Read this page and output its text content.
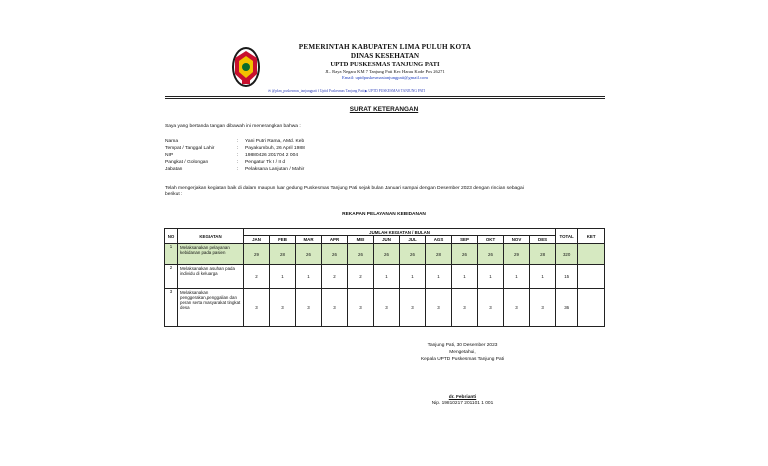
PEMERINTAH KABUPATEN LIMA PULUH KOTA
DINAS KESEHATAN
UPTD PUSKESMAS TANJUNG PATI
JL. Raya Negara KM 7 Tanjung Pati Kec Harau Kode Pos 26271
Email: uptdpuskesmastanjungpati@gmail.com
✉ @pkm_puskesmas_tanjungpati f Upttd Puskesmas Tanjung Pati ▶ UPTD PUSKESMAS TANJUNG PATI
SURAT KETERANGAN
Saya yang bertanda tangan dibawah ini menerangkan bahwa :
Nama	: Yani Putri Rama, AMd. Keb
Tempat / Tanggal Lahir	: Payakumbuh, 26 April 1988
NIP	: 19880426 201704 2 004
Pangkat / Golongan	: Pengatur Tk I / II d
Jabatan	: Pelaksana Lanjutan / Mahir
Telah mengerjakan kegiatan baik di dalam maupun luar gedung Puskesmas Tanjung Pati sejak bulan Januari sampai dengan Desember 2023 dengan rincian sebagai
berikut :
REKAPAN PELAYANAN KEBIDANAN
NO	KEGIATAN	JUMLAH KEGIATAN / BULAN												TOTAL	KET
		JAN	FEB	MAR	APR	MEI	JUN	JUL	AGS	SEP	OKT	NOV	DES		
1	Melaksanakan pelayanan kebidanan pada pasien	29	28	26	26	26	26	26	28	26	26	29	28	320	
2	Melaksanakan asuhan pada individu di keluarga	2	1	1	2	2	1	1	1	1	1	1	1	15	
3	Melaksanakan penggerakan,penggalian dan peran serta masyarakat tingkat desa	3	3	3	3	3	3	3	3	3	3	3	3	36	
Tanjung Pati, 30 Desember 2023
Mengetahui,
Kepala UPTD Puskesmas Tanjung Pati
dr. Febrianti
Nip. 19810217 201101 1 001
